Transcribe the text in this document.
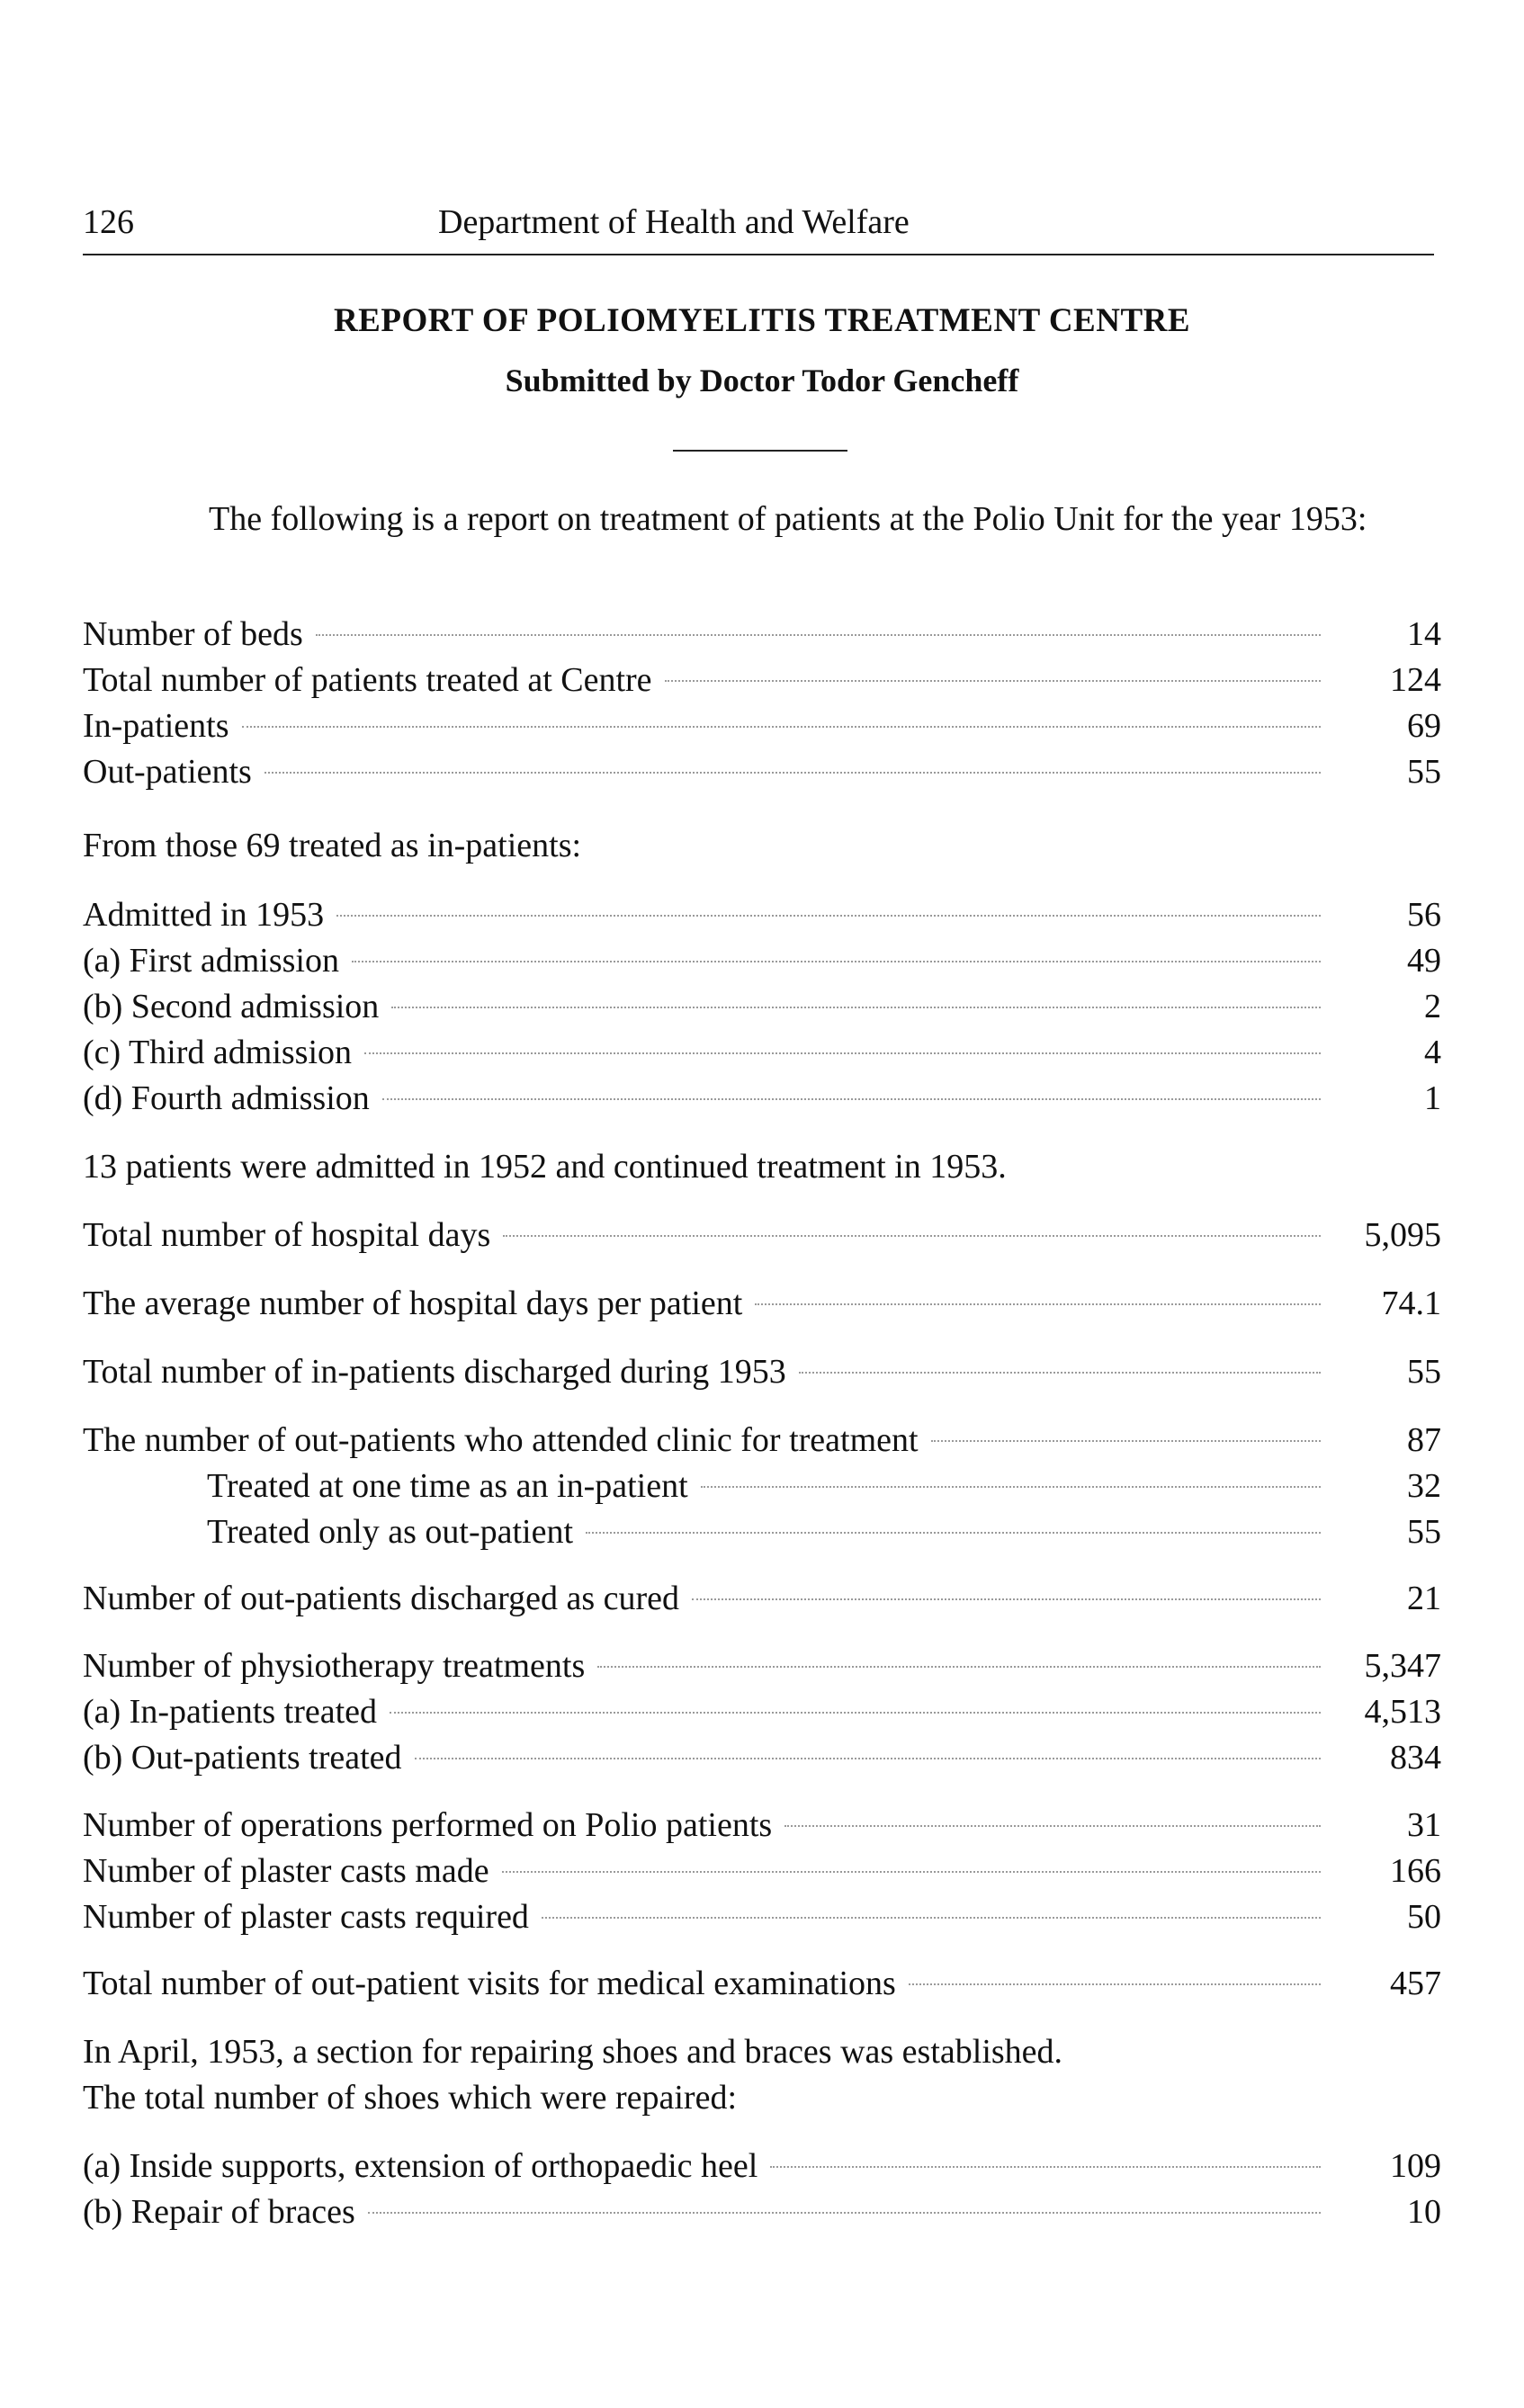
126	Department of Health and Welfare
REPORT OF POLIOMYELITIS TREATMENT CENTRE
Submitted by Doctor Todor Gencheff
The following is a report on treatment of patients at the Polio Unit for the year 1953:
Number of beds	14
Total number of patients treated at Centre	124
In-patients	69
Out-patients	55
From those 69 treated as in-patients:
Admitted in 1953	56
(a) First admission	49
(b) Second admission	2
(c) Third admission	4
(d) Fourth admission	1
13 patients were admitted in 1952 and continued treatment in 1953.
Total number of hospital days	5,095
The average number of hospital days per patient	74.1
Total number of in-patients discharged during 1953	55
The number of out-patients who attended clinic for treatment	87
Treated at one time as an in-patient	32
Treated only as out-patient	55
Number of out-patients discharged as cured	21
Number of physiotherapy treatments	5,347
(a) In-patients treated	4,513
(b) Out-patients treated	834
Number of operations performed on Polio patients	31
Number of plaster casts made	166
Number of plaster casts required	50
Total number of out-patient visits for medical examinations	457
In April, 1953, a section for repairing shoes and braces was established.
The total number of shoes which were repaired:
(a) Inside supports, extension of orthopaedic heel	109
(b) Repair of braces	10
